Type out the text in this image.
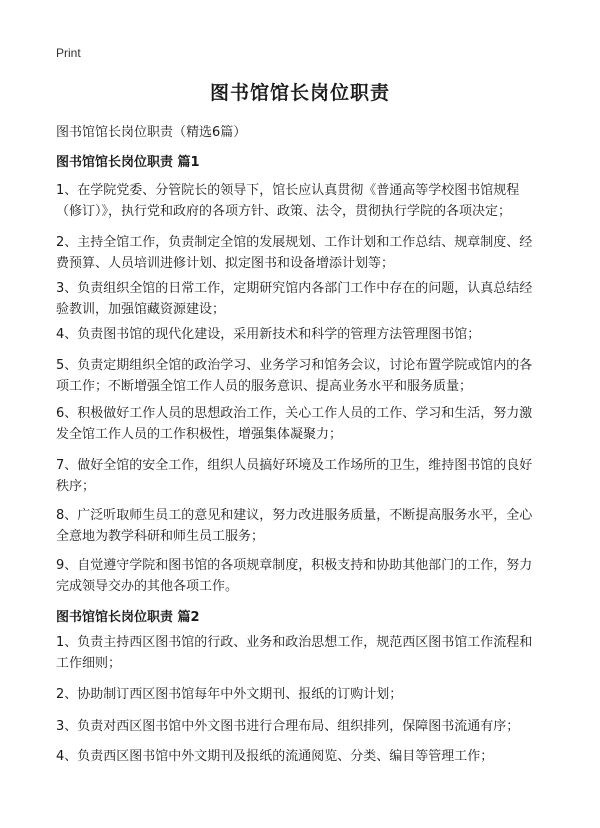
Print
图书馆馆长岗位职责
图书馆馆长岗位职责（精选6篇）
图书馆馆长岗位职责 篇1
1、在学院党委、分管院长的领导下，馆长应认真贯彻《普通高等学校图书馆规程（修订）》，执行党和政府的各项方针、政策、法令，贯彻执行学院的各项决定；
2、主持全馆工作，负责制定全馆的发展规划、工作计划和工作总结、规章制度、经费预算、人员培训进修计划、拟定图书和设备增添计划等；
3、负责组织全馆的日常工作，定期研究馆内各部门工作中存在的问题，认真总结经验教训，加强馆藏资源建设；
4、负责图书馆的现代化建设，采用新技术和科学的管理方法管理图书馆；
5、负责定期组织全馆的政治学习、业务学习和馆务会议，讨论布置学院或馆内的各项工作；不断增强全馆工作人员的服务意识、提高业务水平和服务质量；
6、积极做好工作人员的思想政治工作，关心工作人员的工作、学习和生活，努力激发全馆工作人员的工作积极性，增强集体凝聚力；
7、做好全馆的安全工作，组织人员搞好环境及工作场所的卫生，维持图书馆的良好秩序；
8、广泛听取师生员工的意见和建议，努力改进服务质量，不断提高服务水平，全心全意地为教学科研和师生员工服务；
9、自觉遵守学院和图书馆的各项规章制度，积极支持和协助其他部门的工作，努力完成领导交办的其他各项工作。
图书馆馆长岗位职责 篇2
1、负责主持西区图书馆的行政、业务和政治思想工作，规范西区图书馆工作流程和工作细则；
2、协助制订西区图书馆每年中外文期刊、报纸的订购计划；
3、负责对西区图书馆中外文图书进行合理布局、组织排列，保障图书流通有序；
4、负责西区图书馆中外文期刊及报纸的流通阅览、分类、编目等管理工作；
